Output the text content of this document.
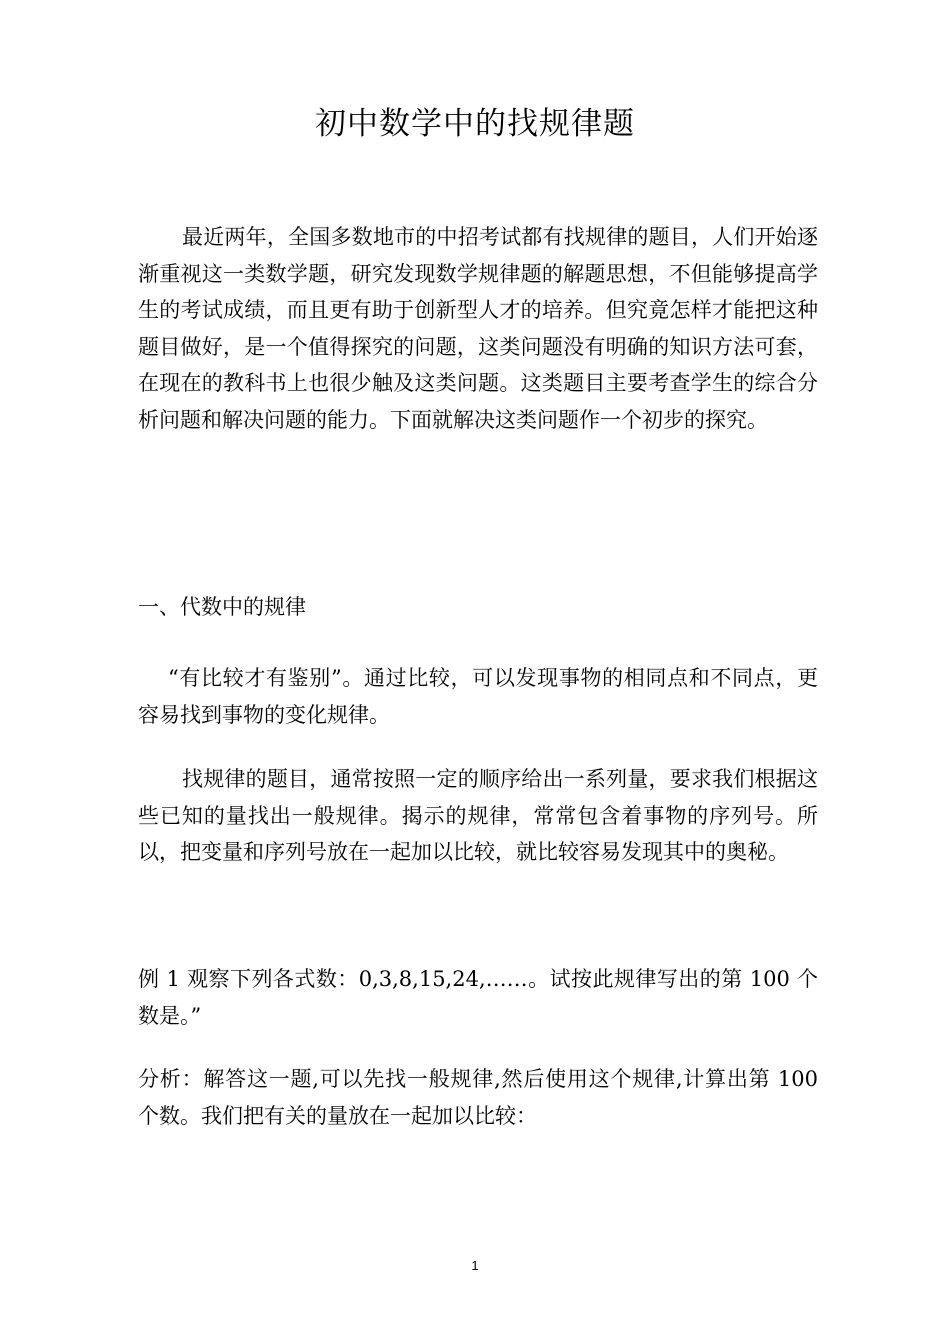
初中数学中的找规律题

最近两年，全国多数地市的中招考试都有找规律的题目，人们开始逐渐重视这一类数学题，研究发现数学规律题的解题思想，不但能够提高学生的考试成绩，而且更有助于创新型人才的培养。但究竟怎样才能把这种题目做好，是一个值得探究的问题，这类问题没有明确的知识方法可套，在现在的教科书上也很少触及这类问题。这类题目主要考查学生的综合分析问题和解决问题的能力。下面就解决这类问题作一个初步的探究。

一、代数中的规律

“有比较才有鉴别”。通过比较，可以发现事物的相同点和不同点，更容易找到事物的变化规律。

找规律的题目，通常按照一定的顺序给出一系列量，要求我们根据这些已知的量找出一般规律。揭示的规律，常常包含着事物的序列号。所以，把变量和序列号放在一起加以比较，就比较容易发现其中的奥秘。

例 1 观察下列各式数：0,3,8,15,24,……。试按此规律写出的第 100 个数是。”

分析：解答这一题,可以先找一般规律,然后使用这个规律,计算出第 100 个数。我们把有关的量放在一起加以比较：

1
